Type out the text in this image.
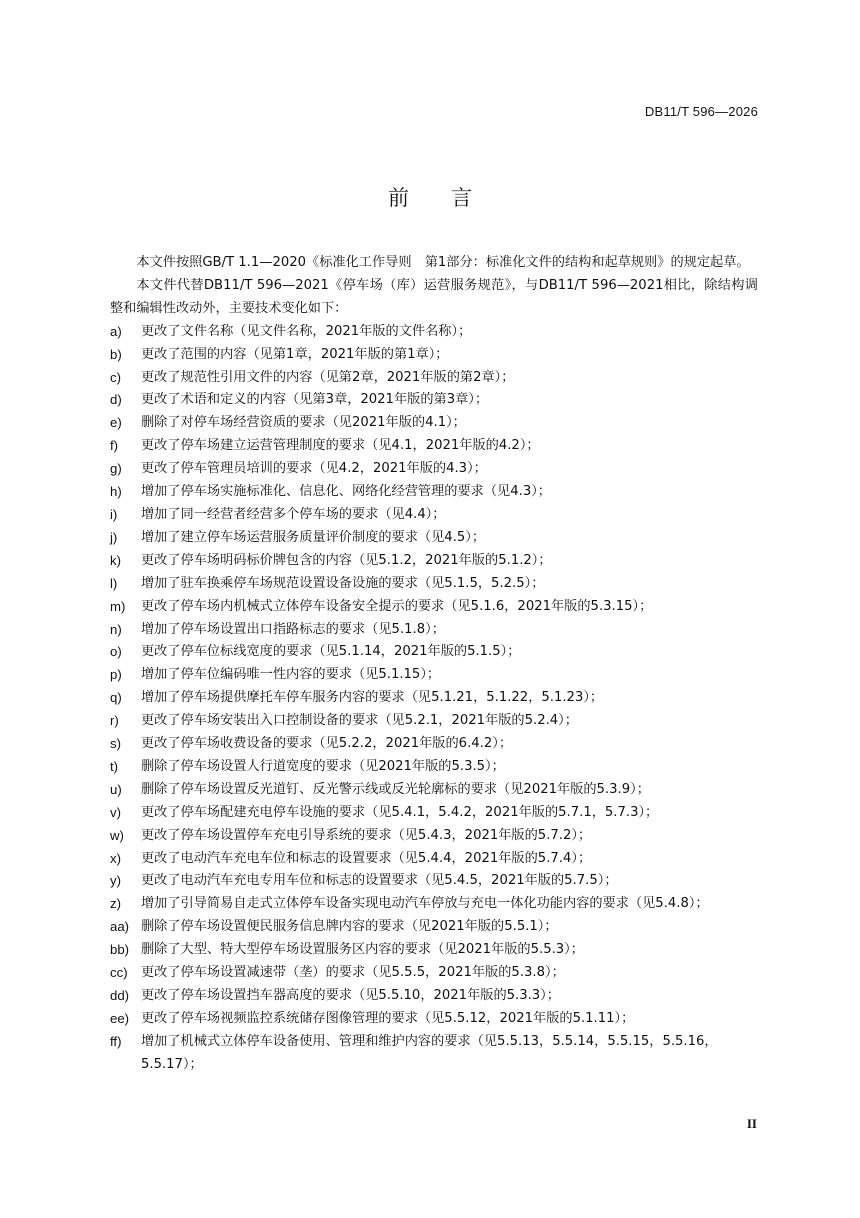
DB11/T 596—2026
前言

本文件按照GB/T 1.1—2020《标准化工作导则　第1部分：标准化文件的结构和起草规则》的规定起草。

本文件代替DB11/T 596—2021《停车场（库）运营服务规范》，与DB11/T 596—2021相比，除结构调整和编辑性改动外，主要技术变化如下：

a) 更改了文件名称（见文件名称，2021年版的文件名称）；
b) 更改了范围的内容（见第1章，2021年版的第1章）；
c) 更改了规范性引用文件的内容（见第2章，2021年版的第2章）；
d) 更改了术语和定义的内容（见第3章，2021年版的第3章）；
e) 删除了对停车场经营资质的要求（见2021年版的4.1）；
f) 更改了停车场建立运营管理制度的要求（见4.1，2021年版的4.2）；
g) 更改了停车管理员培训的要求（见4.2，2021年版的4.3）；
h) 增加了停车场实施标准化、信息化、网络化经营管理的要求（见4.3）；
i) 增加了同一经营者经营多个停车场的要求（见4.4）；
j) 增加了建立停车场运营服务质量评价制度的要求（见4.5）；
k) 更改了停车场明码标价牌包含的内容（见5.1.2，2021年版的5.1.2）；
l) 增加了驻车换乘停车场规范设置设备设施的要求（见5.1.5，5.2.5）；
m) 更改了停车场内机械式立体停车设备安全提示的要求（见5.1.6，2021年版的5.3.15）；
n) 增加了停车场设置出口指路标志的要求（见5.1.8）；
o) 更改了停车位标线宽度的要求（见5.1.14，2021年版的5.1.5）；
p) 增加了停车位编码唯一性内容的要求（见5.1.15）；
q) 增加了停车场提供摩托车停车服务内容的要求（见5.1.21，5.1.22，5.1.23）；
r) 更改了停车场安装出入口控制设备的要求（见5.2.1，2021年版的5.2.4）；
s) 更改了停车场收费设备的要求（见5.2.2，2021年版的6.4.2）；
t) 删除了停车场设置人行道宽度的要求（见2021年版的5.3.5）；
u) 删除了停车场设置反光道钉、反光警示线或反光轮廓标的要求（见2021年版的5.3.9）；
v) 更改了停车场配建充电停车设施的要求（见5.4.1，5.4.2，2021年版的5.7.1，5.7.3）；
w) 更改了停车场设置停车充电引导系统的要求（见5.4.3，2021年版的5.7.2）；
x) 更改了电动汽车充电车位和标志的设置要求（见5.4.4，2021年版的5.7.4）；
y) 更改了电动汽车充电专用车位和标志的设置要求（见5.4.5，2021年版的5.7.5）；
z) 增加了引导简易自走式立体停车设备实现电动汽车停放与充电一体化功能内容的要求（见5.4.8）；
aa) 删除了停车场设置便民服务信息牌内容的要求（见2021年版的5.5.1）；
bb) 删除了大型、特大型停车场设置服务区内容的要求（见2021年版的5.5.3）；
cc) 更改了停车场设置减速带（垄）的要求（见5.5.5，2021年版的5.3.8）；
dd) 更改了停车场设置挡车器高度的要求（见5.5.10，2021年版的5.3.3）；
ee) 更改了停车场视频监控系统储存图像管理的要求（见5.5.12，2021年版的5.1.11）；
ff) 增加了机械式立体停车设备使用、管理和维护内容的要求（见5.5.13，5.5.14，5.5.15，5.5.16，5.5.17）；
II
